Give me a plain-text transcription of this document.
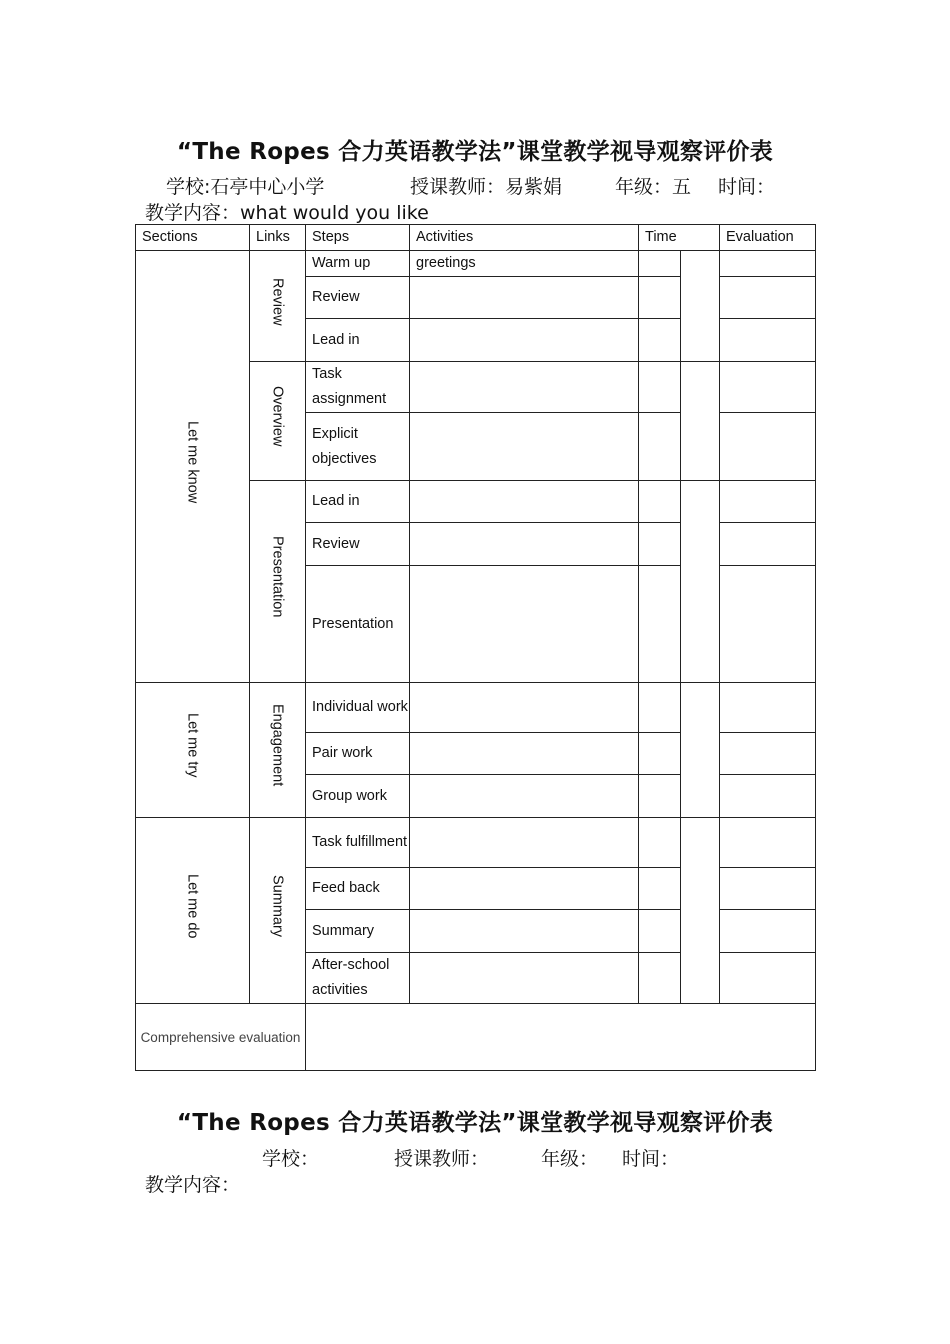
“The Ropes 合力英语教学法”课堂教学视导观察评价表
学校:石亭中心小学	授课教师：易紫娟	年级：五 时间：
教学内容：what would you like
Sections	Links	Steps	Activities	Time		Evaluation
Let me know	Review	Warm up	greetings			
		Review				
		Lead in				
	Overview	Task assignment				
		Explicit objectives				
	Presentation	Lead in				
		Review				
		Presentation				
Let me try	Engagement	Individual work				
		Pair work				
		Group work				
Let me do	Summary	Task fulfillment				
		Feed back				
		Summary				
		After-school activities				
Comprehensive evaluation						
“The Ropes 合力英语教学法”课堂教学视导观察评价表
学校：	授课教师：	年级： 时间：
教学内容：
